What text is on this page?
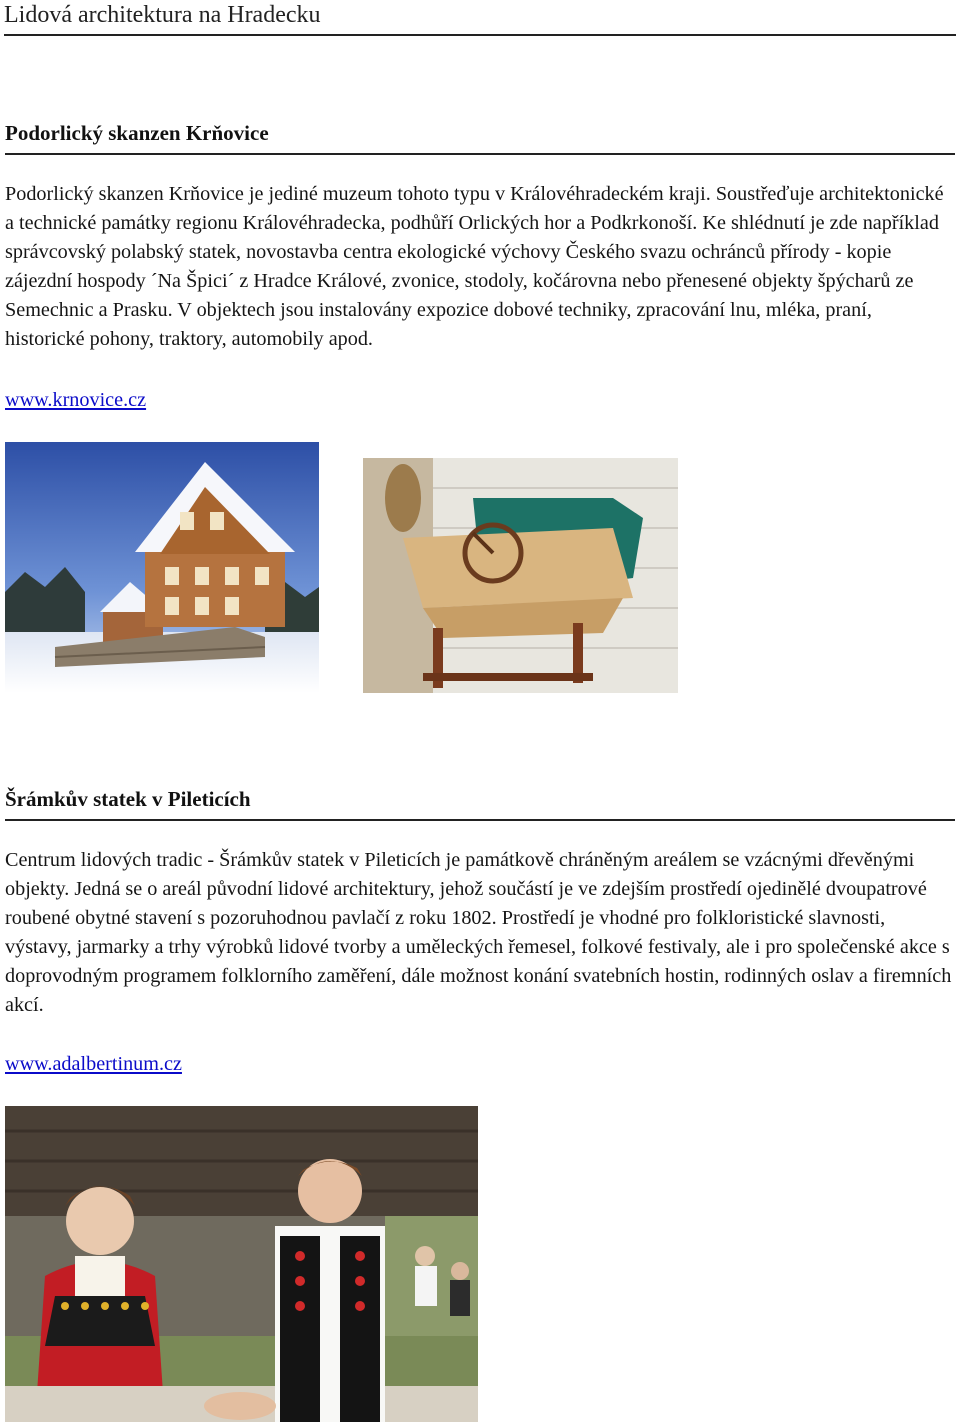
Lidová architektura na Hradecku
Podorlický skanzen Krňovice

Podorlický skanzen Krňovice je jediné muzeum tohoto typu v Královéhradeckém kraji. Soustřeďuje architektonické a technické památky regionu Královéhradecka, podhůří Orlických hor a Podkrkonoší. Ke shlédnutí je zde například správcovský polabský statek, novostavba centra ekologické výchovy Českého svazu ochránců přírody - kopie zájezdní hospody ´Na Špici´ z Hradce Králové, zvonice, stodoly, kočárovna nebo přenesené objekty špýcharů ze Semechnic a Prasku. V objektech jsou instalovány expozice dobové techniky, zpracování lnu, mléka, praní, historické pohony, traktory, automobily apod.

www.krnovice.cz
Šrámkův statek v Pileticích

Centrum lidových tradic - Šrámkův statek v Pileticích je památkově chráněným areálem se vzácnými dřevěnými objekty. Jedná se o areál původní lidové architektury, jehož součástí je ve zdejším prostředí ojedinělé dvoupatrové roubené obytné stavení s pozoruhodnou pavlačí z roku 1802. Prostředí je vhodné pro folkloristické slavnosti, výstavy, jarmarky a trhy výrobků lidové tvorby a uměleckých řemesel, folkové festivaly, ale i pro společenské akce s doprovodným programem folklorního zaměření, dále možnost konání svatebních hostin, rodinných oslav a firemních akcí.

www.adalbertinum.cz
